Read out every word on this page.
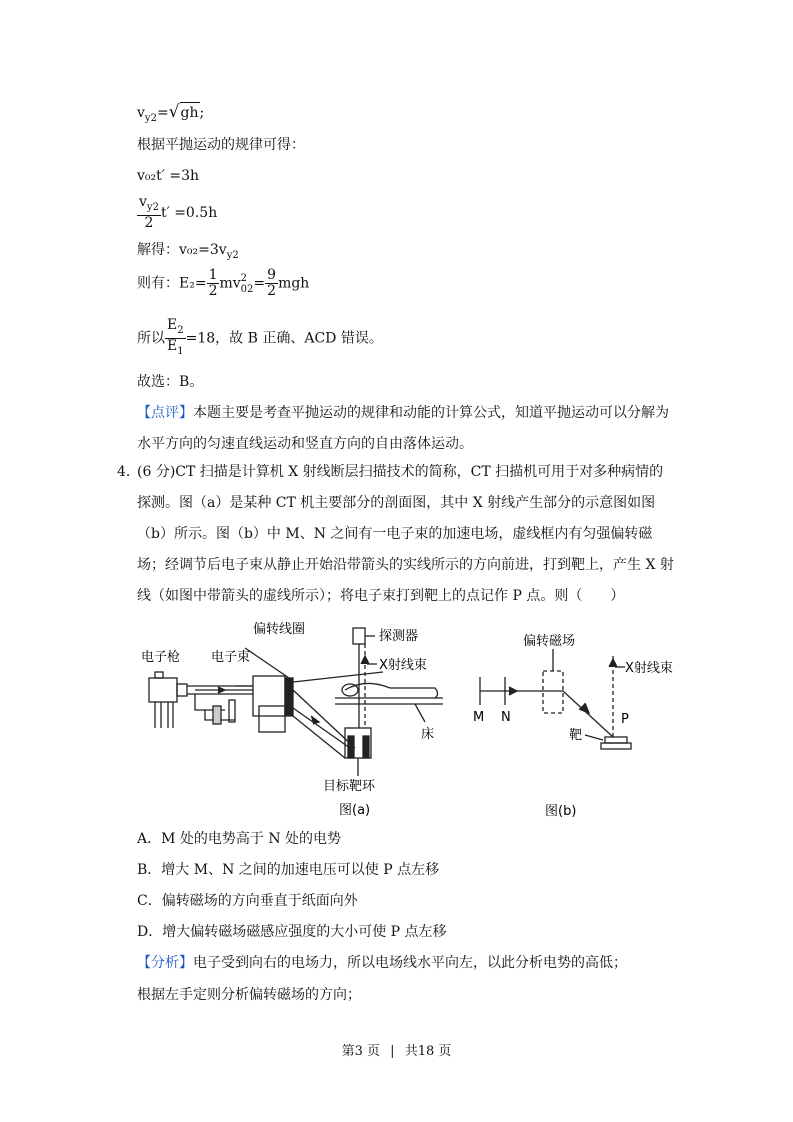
$v_{y2}=√gh$;
根据平抛运动的规律可得：
v₀₂t′ =3h
$\frac{v_{y2}}{2} t' =0.5h$
解得：$v_{02}=3v_{y2}$
则有：$E_2= \frac{1}{2}$ mv 2
$02 = \frac{9}{2}$ mgh
所以 $\frac{E_2}{E_1} =18$，故 B 正确、ACD 错误。
故选：B。
【点评】本题主要是考查平抛运动的规律和动能的计算公式，知道平抛运动可以分解为水平方向的匀速直线运动和竖直方向的自由落体运动。
4．
(6 分)CT 扫描是计算机 X 射线断层扫描技术的简称，CT 扫描机可用于对多种病情的探测。图（a）是某种 CT 机主要部分的剖面图，其中 X 射线产生部分的示意图如图（b）所示。图（b）中 M、N 之间有一电子束的加速电场，虚线框内有匀强偏转磁场；经调节后电子束从静止开始沿带箭头的实线所示的方向前进，打到靶上，产生 X 射线（如图中带箭头的虚线所示）；将电子束打到靶上的点记作 P 点。则（　　）
电子枪 电子束
偏转线圈	探测器
X射线束
床
目标靶环
图(a)
偏转磁场
X射线束
M N	P
靶
图(b)
A．M 处的电势高于 N 处的电势
B．增大 M、N 之间的加速电压可以使 P 点左移
C．偏转磁场的方向垂直于纸面向外
D．增大偏转磁场磁感应强度的大小可使 P 点左移
【分析】电子受到向右的电场力，所以电场线水平向左，以此分析电势的高低；
根据左手定则分析偏转磁场的方向；
第3 页 | 共18 页
